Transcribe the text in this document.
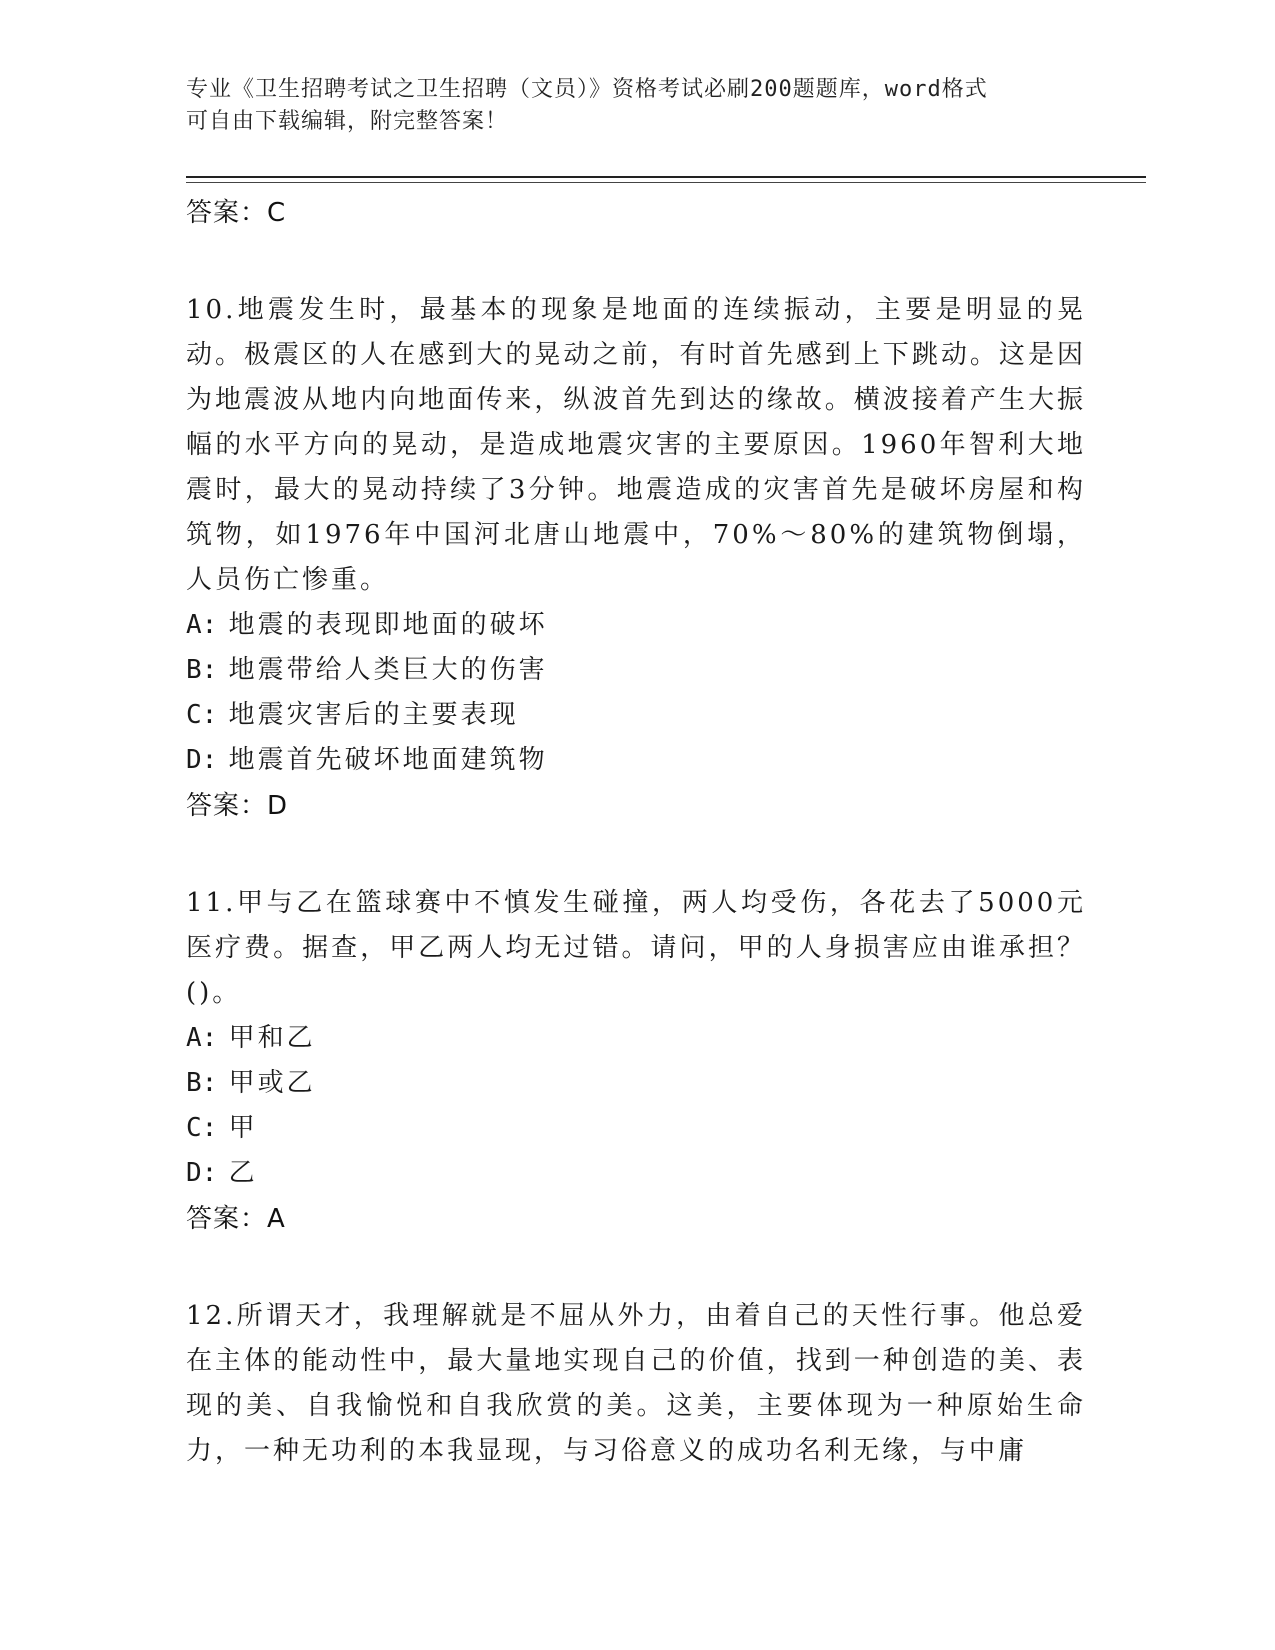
专业《卫生招聘考试之卫生招聘（文员）》资格考试必刷200题题库，word格式
可自由下载编辑，附完整答案！
答案：C
10.地震发生时，最基本的现象是地面的连续振动，主要是明显的晃动。极震区的人在感到大的晃动之前，有时首先感到上下跳动。这是因为地震波从地内向地面传来，纵波首先到达的缘故。横波接着产生大振幅的水平方向的晃动，是造成地震灾害的主要原因。1960年智利大地震时，最大的晃动持续了3分钟。地震造成的灾害首先是破坏房屋和构筑物，如1976年中国河北唐山地震中，70%～80%的建筑物倒塌，人员伤亡惨重。
A: 地震的表现即地面的破坏
B: 地震带给人类巨大的伤害
C: 地震灾害后的主要表现
D: 地震首先破坏地面建筑物
答案：D
11.甲与乙在篮球赛中不慎发生碰撞，两人均受伤，各花去了5000元医疗费。据查，甲乙两人均无过错。请问，甲的人身损害应由谁承担？()。
A: 甲和乙
B: 甲或乙
C: 甲
D: 乙
答案：A
12.所谓天才，我理解就是不屈从外力，由着自己的天性行事。他总爱在主体的能动性中，最大量地实现自己的价值，找到一种创造的美、表现的美、自我愉悦和自我欣赏的美。这美，主要体现为一种原始生命力，一种无功利的本我显现，与习俗意义的成功名利无缘，与中庸
